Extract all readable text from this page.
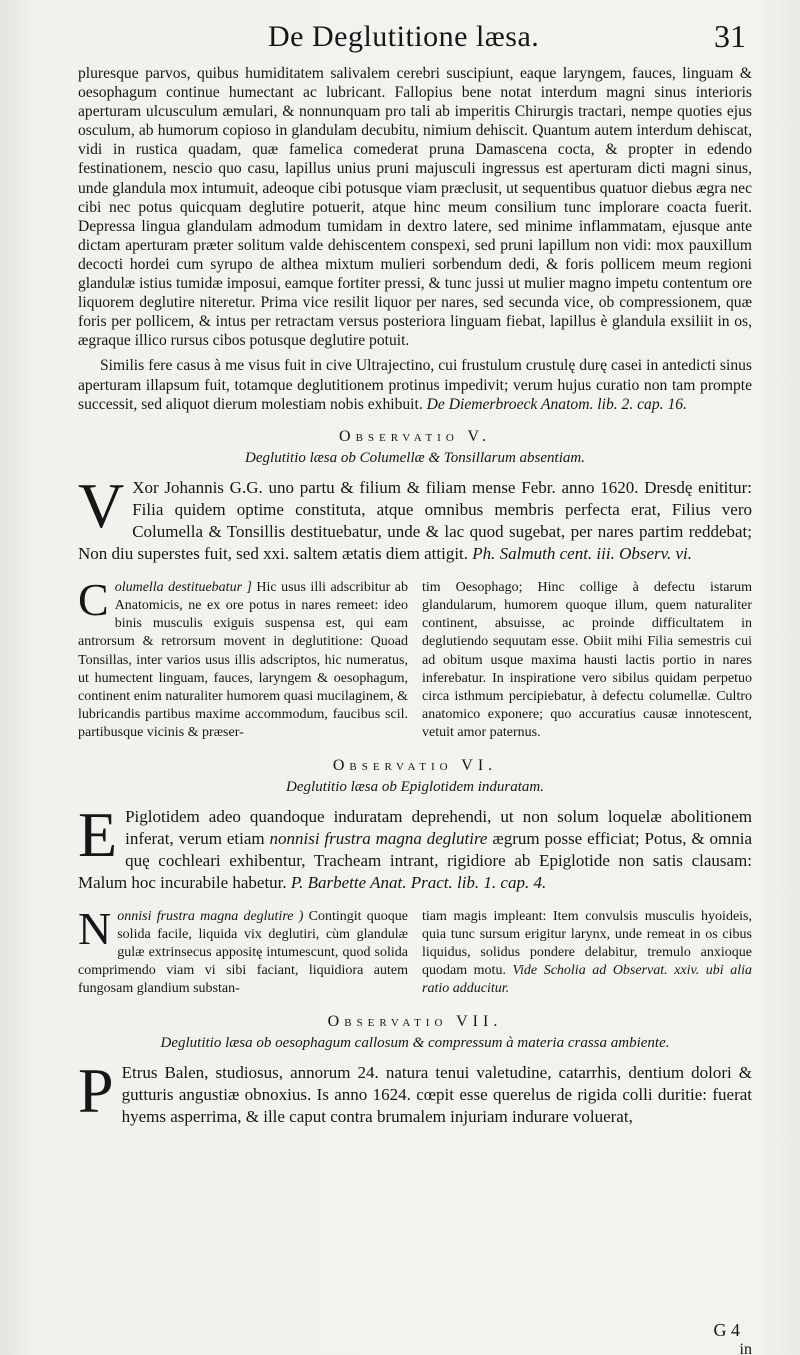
De Deglutitione læsa.	31

pluresque parvos, quibus humiditatem salivalem cerebri suscipiunt, eaque laryngem, fauces, linguam & oesophagum continue humectant ac lubricant. Fallopius bene notat interdum magni sinus interioris aperturam ulcusculum æmulari, & nonnunquam pro tali ab imperitis Chirurgis tractari, nempe quoties ejus osculum, ab humorum copioso in glandulam decubitu, nimium dehiscit. Quantum autem interdum dehiscat, vidi in rustica quadam, quæ famelica comederat pruna Damascena cocta, & propter in edendo festinationem, nescio quo casu, lapillus unius pruni majusculi ingressus est aperturam dicti magni sinus, unde glandula mox intumuit, adeoque cibi potusque viam præclusit, ut sequentibus quatuor diebus ægra nec cibi nec potus quicquam deglutire potuerit, atque hinc meum consilium tunc implorare coacta fuerit. Depressa lingua glandulam admodum tumidam in dextro latere, sed minime inflammatam, ejusque ante dictam aperturam præter solitum valde dehiscentem conspexi, sed pruni lapillum non vidi: mox pauxillum decocti hordei cum syrupo de althea mixtum mulieri sorbendum dedi, & foris pollicem meum regioni glandulæ istius tumidæ imposui, eamque fortiter pressi, & tunc jussi ut mulier magno impetu contentum ore liquorem deglutire niteretur. Prima vice resilit liquor per nares, sed secunda vice, ob compressionem, quæ foris per pollicem, & intus per retractam versus posteriora linguam fiebat, lapillus è glandula exsiliit in os, ægraque illico rursus cibos potusque deglutire potuit.

Similis fere casus à me visus fuit in cive Ultrajectino, cui frustulum crustulę durę casei in antedicti sinus aperturam illapsum fuit, totamque deglutitionem protinus impedivit; verum hujus curatio non tam prompte successit, sed aliquot dierum molestiam nobis exhibuit. De Diemerbroeck Anatom. lib. 2. cap. 16.

Observatio V.
Deglutitio læsa ob Columellæ & Tonsillarum absentiam.

V Xor Johannis G.G. uno partu & filium & filiam mense Febr. anno 1620. Dresdę enititur: Filia quidem optime constituta, atque omnibus membris perfecta erat, Filius vero Columella & Tonsillis destituebatur, unde & lac quod sugebat, per nares partim reddebat; Non diu superstes fuit, sed xxi. saltem ætatis diem attigit. Ph. Salmuth cent. iii. Observ. vi.

Columella destituebatur ] Hic usus illi adscribitur ab Anatomicis, ne ex ore potus in nares remeet: ideo binis musculis exiguis suspensa est, qui eam antrorsum & retrorsum movent in deglutitione: Quoad Tonsillas, inter varios usus illis adscriptos, hic numeratus, ut humectent linguam, fauces, laryngem & oesophagum, continent enim naturaliter humorem quasi mucilaginem, & lubricandis partibus maxime accommodum, faucibus scil. partibusque vicinis & præser-
tim Oesophago; Hinc collige à defectu istarum glandularum, humorem quoque illum, quem naturaliter continent, absuisse, ac proinde difficultatem in deglutiendo sequutam esse. Obiit mihi Filia semestris cui ad obitum usque maxima hausti lactis portio in nares inferebatur. In inspiratione vero sibilus quidam perpetuo circa isthmum percipiebatur, à defectu columellæ. Cultro anatomico exponere; quo accuratius causæ innotescent, vetuit amor paternus.
Observatio VI.
Deglutitio læsa ob Epiglotidem induratam.

E Piglotidem adeo quandoque induratam deprehendi, ut non solum loquelæ abolitionem inferat, verum etiam nonnisi frustra magna deglutire ægrum posse efficiat; Potus, & omnia quę cochleari exhibentur, Tracheam intrant, rigidiore ab Epiglotide non satis clausam: Malum hoc incurabile habetur. P. Barbette Anat. Pract. lib. 1. cap. 4.

Nonnisi frustra magna deglutire ) Contingit quoque solida facile, liquida vix deglutiri, cùm glandulæ gulæ extrinsecus appositę intumescunt, quod solida comprimendo viam vi sibi faciant, liquidiora autem fungosam glandium substan-
tiam magis impleant: Item convulsis musculis hyoideis, quia tunc sursum erigitur larynx, unde remeat in os cibus liquidus, solidus pondere delabitur, tremulo anxioque quodam motu. Vide Scholia ad Observat. xxiv. ubi alia ratio adducitur.
Observatio VII.
Deglutitio læsa ob oesophagum callosum & compressum à materia crassa ambiente.

P Etrus Balen, studiosus, annorum 24. natura tenui valetudine, catarrhis, dentium dolori & gutturis angustiæ obnoxius. Is anno 1624. cœpit esse querelus de rigida colli duritie: fuerat hyems asperrima, & ille caput contra brumalem injuriam indurare voluerat,

G 4
in
